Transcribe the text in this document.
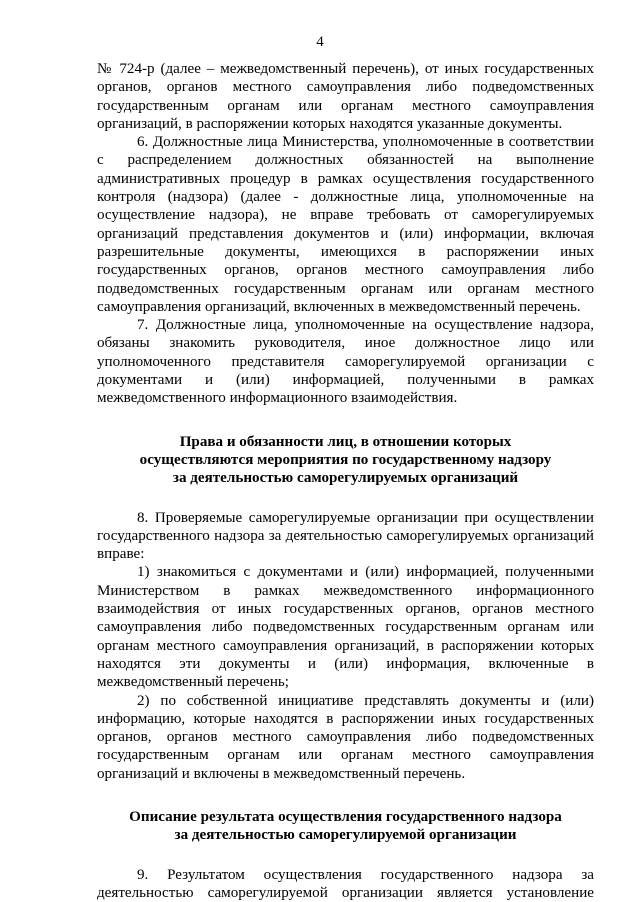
4

№ 724-р (далее – межведомственный перечень), от иных государственных органов, органов местного самоуправления либо подведомственных государственным органам или органам местного самоуправления организаций, в распоряжении которых находятся указанные документы.

6. Должностные лица Министерства, уполномоченные в соответствии с распределением должностных обязанностей на выполнение административных процедур в рамках осуществления государственного контроля (надзора) (далее - должностные лица, уполномоченные на осуществление надзора), не вправе требовать от саморегулируемых организаций представления документов и (или) информации, включая разрешительные документы, имеющихся в распоряжении иных государственных органов, органов местного самоуправления либо подведомственных государственным органам или органам местного самоуправления организаций, включенных в межведомственный перечень.

7. Должностные лица, уполномоченные на осуществление надзора, обязаны знакомить руководителя, иное должностное лицо или уполномоченного представителя саморегулируемой организации с документами и (или) информацией, полученными в рамках межведомственного информационного взаимодействия.

Права и обязанности лиц, в отношении которых
осуществляются мероприятия по государственному надзору
за деятельностью саморегулируемых организаций

8. Проверяемые саморегулируемые организации при осуществлении государственного надзора за деятельностью саморегулируемых организаций вправе:

1) знакомиться с документами и (или) информацией, полученными Министерством в рамках межведомственного информационного взаимодействия от иных государственных органов, органов местного самоуправления либо подведомственных государственным органам или органам местного самоуправления организаций, в распоряжении которых находятся эти документы и (или) информация, включенные в межведомственный перечень;

2) по собственной инициативе представлять документы и (или) информацию, которые находятся в распоряжении иных государственных органов, органов местного самоуправления либо подведомственных государственным органам или органам местного самоуправления организаций и включены в межведомственный перечень.

Описание результата осуществления государственного надзора
за деятельностью саморегулируемой организации

9. Результатом осуществления государственного надзора за деятельностью саморегулируемой организации является установление
